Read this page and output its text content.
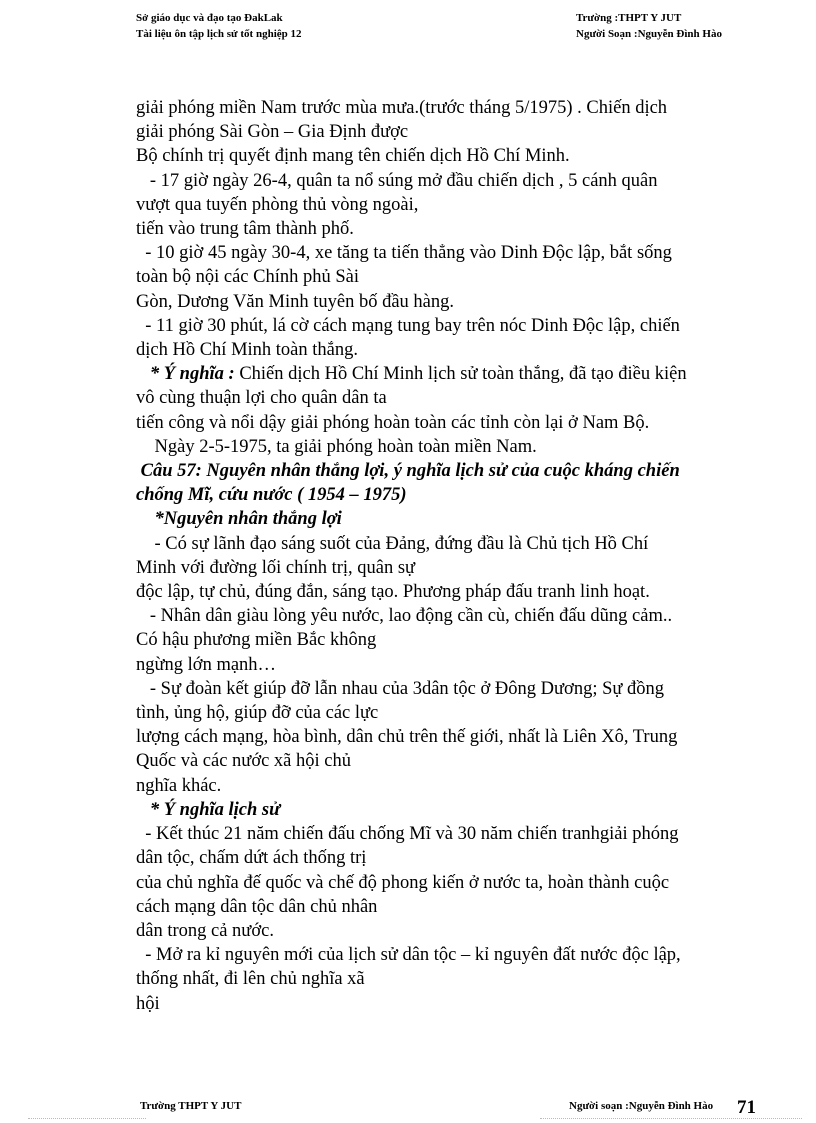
Sở giáo dục và đạo tạo ĐakLak
Tài liệu ôn tập lịch sử tốt nghiệp 12
Trường :THPT Y JUT
Người Soạn :Nguyễn Đình Hào
giải phóng miền Nam trước mùa mưa.(trước tháng 5/1975) . Chiến dịch
giải phóng Sài Gòn – Gia Định được
Bộ chính trị quyết định mang tên chiến dịch Hồ Chí Minh.
- 17 giờ ngày 26-4, quân ta nổ súng mở đầu chiến dịch , 5 cánh quân
vượt qua tuyến phòng thủ vòng ngoài,
tiến vào trung tâm thành phố.
- 10 giờ 45 ngày 30-4, xe tăng ta tiến thẳng vào Dinh Độc lập, bắt sống
toàn bộ nội các Chính phủ Sài
Gòn, Dương Văn Minh tuyên bố đầu hàng.
- 11 giờ 30 phút, lá cờ cách mạng tung bay trên nóc Dinh Độc lập, chiến
dịch Hồ Chí Minh toàn thắng.
* Ý nghĩa : Chiến dịch Hồ Chí Minh lịch sử toàn thắng, đã tạo điều kiện
vô cùng thuận lợi cho quân dân ta
tiến công và nổi dậy giải phóng hoàn toàn các tỉnh còn lại ở Nam Bộ.
Ngày 2-5-1975, ta giải phóng hoàn toàn miền Nam.
Câu 57: Nguyên nhân thắng lợi, ý nghĩa lịch sử của cuộc kháng chiến
chống Mĩ, cứu nước ( 1954 – 1975)
*Nguyên nhân thắng lợi
- Có sự lãnh đạo sáng suốt của Đảng, đứng đầu là Chủ tịch Hồ Chí
Minh với đường lối chính trị, quân sự
độc lập, tự chủ, đúng đắn, sáng tạo. Phương pháp đấu tranh linh hoạt.
- Nhân dân giàu lòng yêu nước, lao động cần cù, chiến đấu dũng cảm..
Có hậu phương miền Bắc không
ngừng lớn mạnh…
- Sự đoàn kết giúp đỡ lẫn nhau của 3dân tộc ở Đông Dương; Sự đồng
tình, ủng hộ, giúp đỡ của các lực
lượng cách mạng, hòa bình, dân chủ trên thế giới, nhất là Liên Xô, Trung
Quốc và các nước xã hội chủ
nghĩa khác.
* Ý nghĩa lịch sử
- Kết thúc 21 năm chiến đấu chống Mĩ và 30 năm chiến tranhgiải phóng
dân tộc, chấm dứt ách thống trị
của chủ nghĩa đế quốc và chế độ phong kiến ở nước ta, hoàn thành cuộc
cách mạng dân tộc dân chủ nhân
dân trong cả nước.
- Mở ra kỉ nguyên mới của lịch sử dân tộc – kỉ nguyên đất nước độc lập,
thống nhất, đi lên chủ nghĩa xã
hội
Trường THPT Y JUT	Người soạn :Nguyễn Đình Hào 71
